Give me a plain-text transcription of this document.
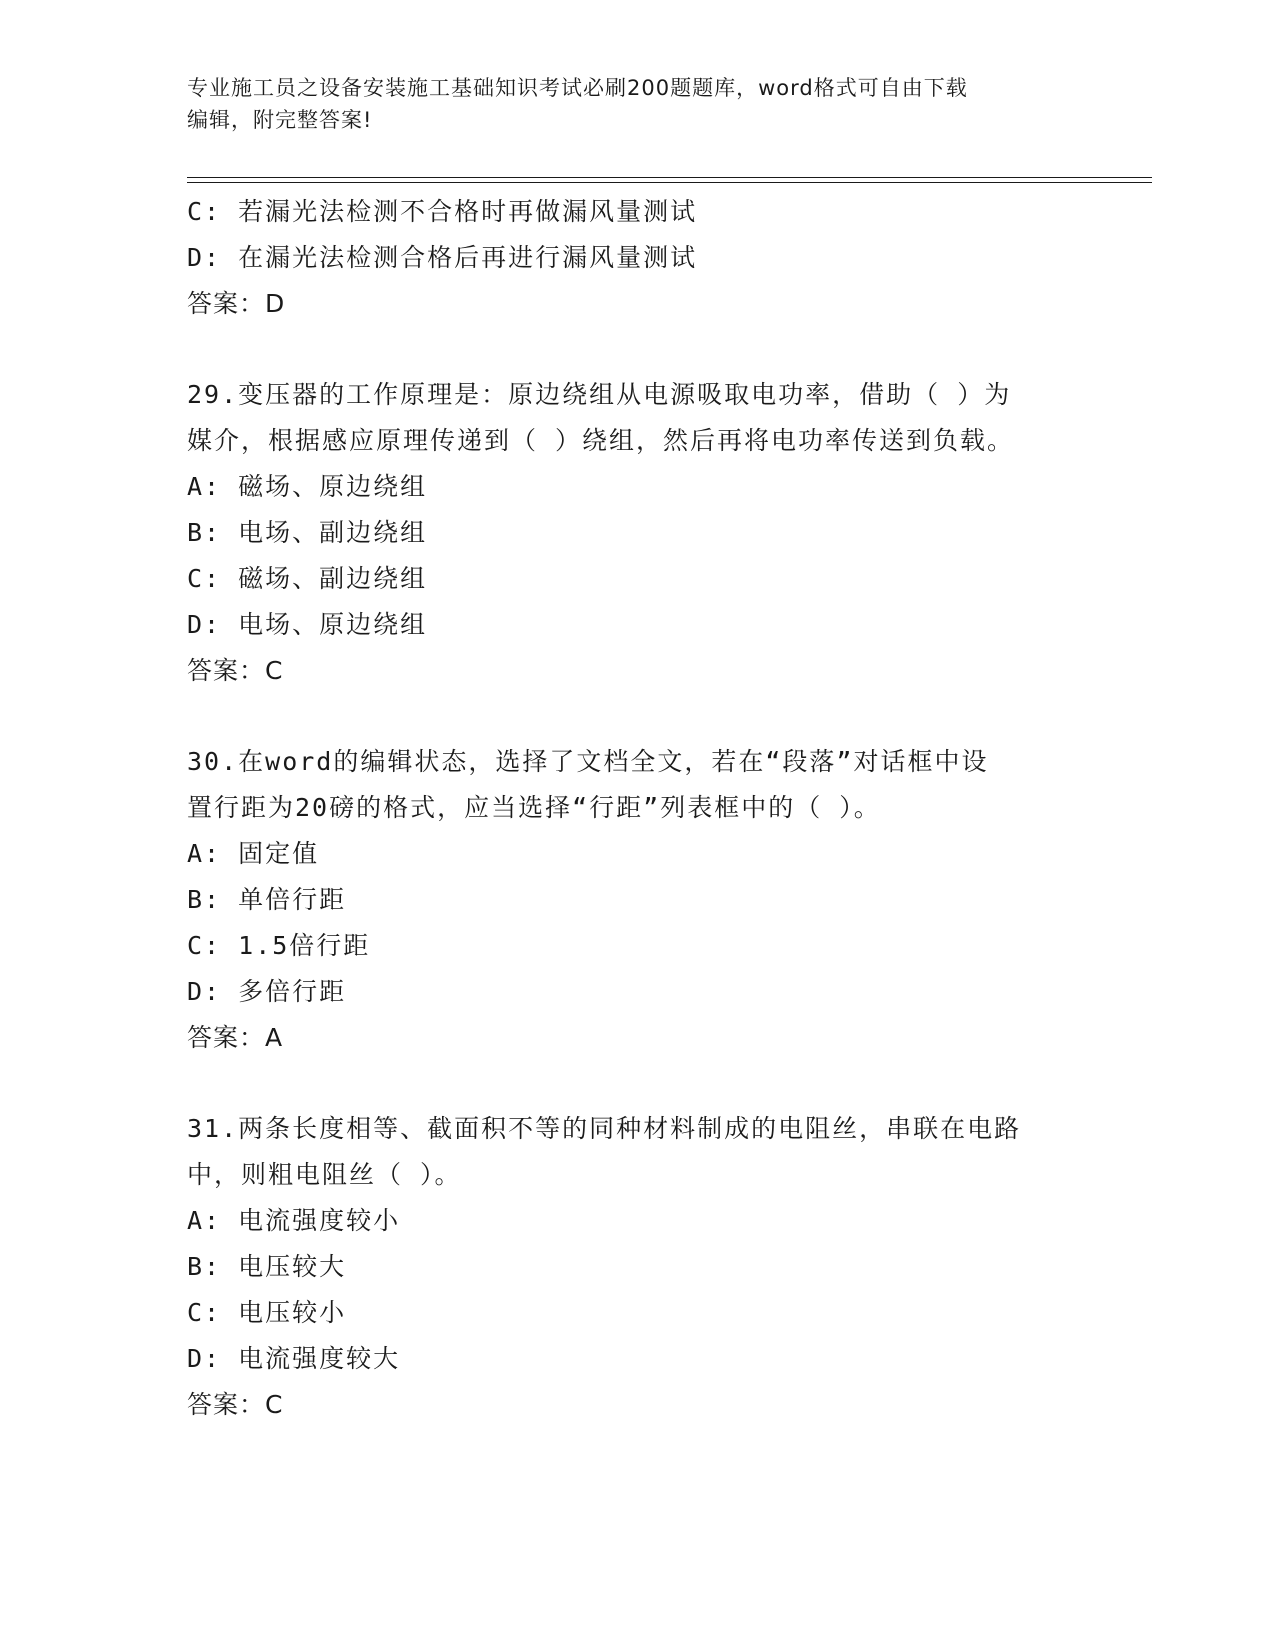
专业施工员之设备安装施工基础知识考试必刷200题题库，word格式可自由下载
编辑，附完整答案!
C: 若漏光法检测不合格时再做漏风量测试
D: 在漏光法检测合格后再进行漏风量测试
答案：D
29.变压器的工作原理是：原边绕组从电源吸取电功率，借助（ ）为
媒介，根据感应原理传递到（ ）绕组，然后再将电功率传送到负载。
A: 磁场、原边绕组
B: 电场、副边绕组
C: 磁场、副边绕组
D: 电场、原边绕组
答案：C
30.在word的编辑状态，选择了文档全文，若在“段落”对话框中设
置行距为20磅的格式，应当选择“行距”列表框中的（ ）。
A: 固定值
B: 单倍行距
C: 1.5倍行距
D: 多倍行距
答案：A
31.两条长度相等、截面积不等的同种材料制成的电阻丝，串联在电路
中，则粗电阻丝（ ）。
A: 电流强度较小
B: 电压较大
C: 电压较小
D: 电流强度较大
答案：C
